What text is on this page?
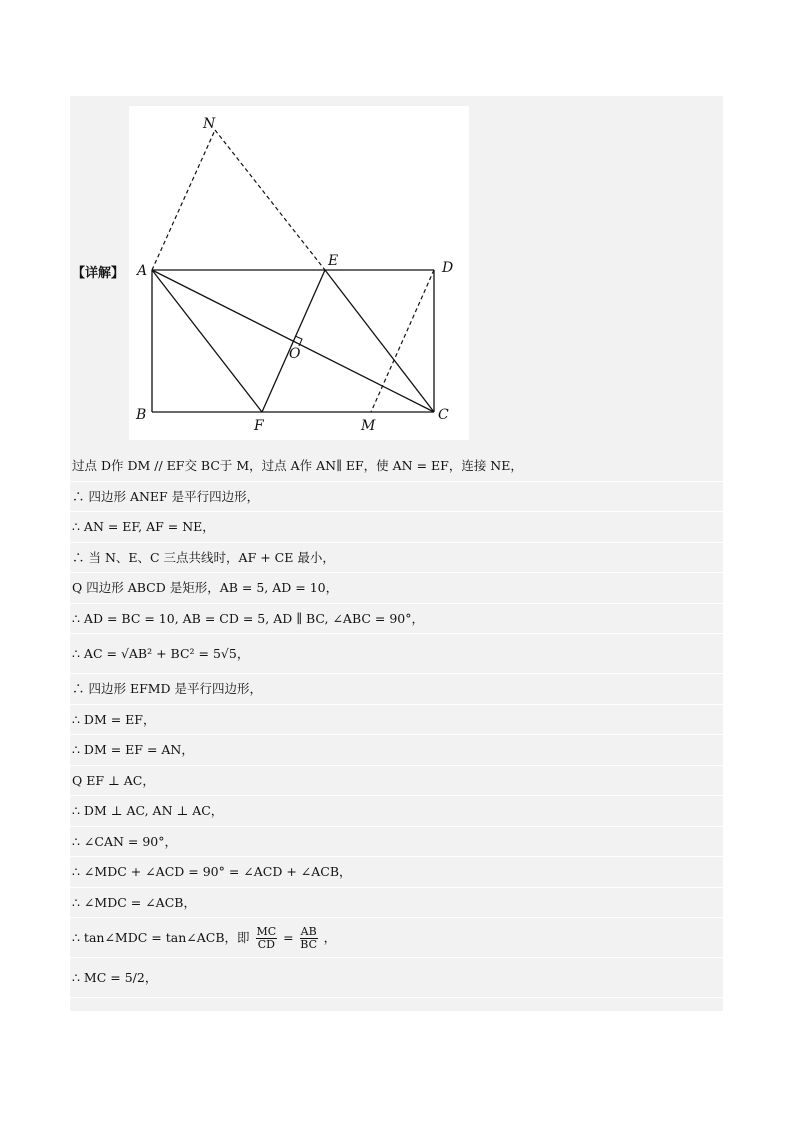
【详解】
N
A
E	D
O
B
F	M
C
过点 D作 DM // EF交 BC于 M，过点 A作 AN∥ EF，使 AN = EF，连接 NE，
∴ 四边形 ANEF 是平行四边形，
∴ AN = EF, AF = NE，
∴ 当 N、E、C 三点共线时，AF + CE 最小，
Q 四边形 ABCD 是矩形，AB = 5, AD = 10，
∴ AD = BC = 10, AB = CD = 5, AD ∥ BC, ∠ABC = 90°，
∴ AC = √AB² + BC² = 5√5，
∴ 四边形 EFMD 是平行四边形，
∴ DM = EF，
∴ DM = EF = AN，
Q EF ⊥ AC，
∴ DM ⊥ AC, AN ⊥ AC，
∴ ∠CAN = 90°，
∴ ∠MDC + ∠ACD = 90° = ∠ACD + ∠ACB，
∴ ∠MDC = ∠ACB，
∴ tan∠MDC = tan∠ACB，即 $\frac{MC}{CD} = \frac{AB}{BC}$ ，
∴ MC = 5/2，
